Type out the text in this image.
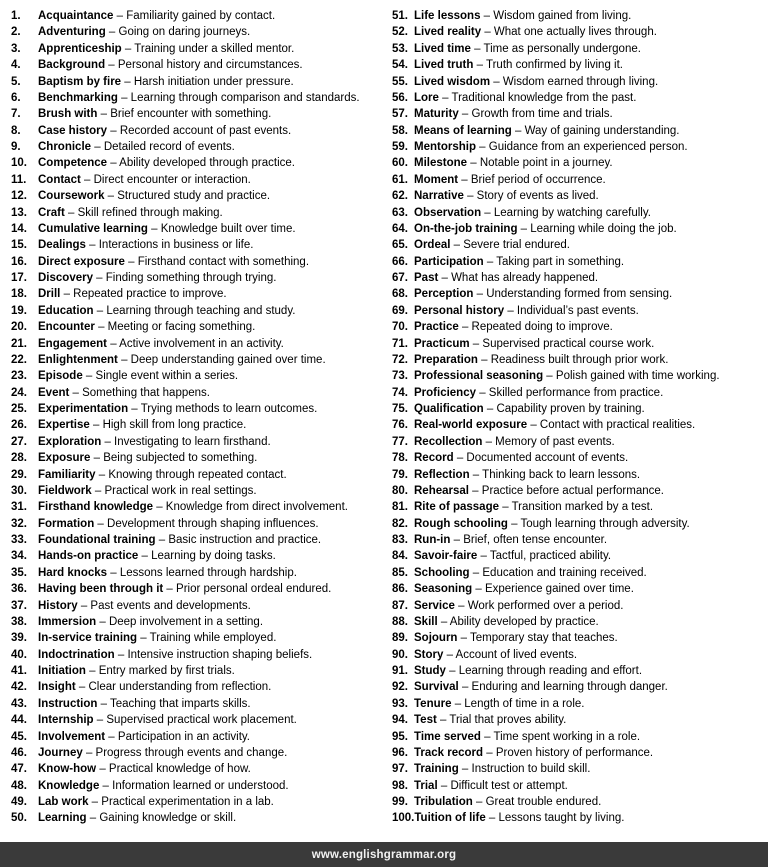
1.	Acquaintance – Familiarity gained by contact.
2.	Adventuring – Going on daring journeys.
3.	Apprenticeship – Training under a skilled mentor.
4.	Background – Personal history and circumstances.
5.	Baptism by fire – Harsh initiation under pressure.
6.	Benchmarking – Learning through comparison and standards.
7.	Brush with – Brief encounter with something.
8.	Case history – Recorded account of past events.
9.	Chronicle – Detailed record of events.
10. Competence – Ability developed through practice.
11.	Contact – Direct encounter or interaction.
12. Coursework – Structured study and practice.
13. Craft – Skill refined through making.
14. Cumulative learning – Knowledge built over time.
15. Dealings – Interactions in business or life.
16. Direct exposure – Firsthand contact with something.
17. Discovery – Finding something through trying.
18. Drill – Repeated practice to improve.
19. Education – Learning through teaching and study.
20. Encounter – Meeting or facing something.
21. Engagement – Active involvement in an activity.
22. Enlightenment – Deep understanding gained over time.
23. Episode – Single event within a series.
24. Event – Something that happens.
25. Experimentation – Trying methods to learn outcomes.
26. Expertise – High skill from long practice.
27. Exploration – Investigating to learn firsthand.
28. Exposure – Being subjected to something.
29. Familiarity – Knowing through repeated contact.
30. Fieldwork – Practical work in real settings.
31. Firsthand knowledge – Knowledge from direct involvement.
32. Formation – Development through shaping influences.
33. Foundational training – Basic instruction and practice.
34. Hands-on practice – Learning by doing tasks.
35. Hard knocks – Lessons learned through hardship.
36. Having been through it – Prior personal ordeal endured.
37. History – Past events and developments.
38. Immersion – Deep involvement in a setting.
39. In-service training – Training while employed.
40. Indoctrination – Intensive instruction shaping beliefs.
41. Initiation – Entry marked by first trials.
42. Insight – Clear understanding from reflection.
43. Instruction – Teaching that imparts skills.
44. Internship – Supervised practical work placement.
45. Involvement – Participation in an activity.
46. Journey – Progress through events and change.
47. Know-how – Practical knowledge of how.
48. Knowledge – Information learned or understood.
49. Lab work – Practical experimentation in a lab.
50. Learning – Gaining knowledge or skill.
51. Life lessons – Wisdom gained from living.
52. Lived reality – What one actually lives through.
53. Lived time – Time as personally undergone.
54. Lived truth – Truth confirmed by living it.
55. Lived wisdom – Wisdom earned through living.
56. Lore – Traditional knowledge from the past.
57. Maturity – Growth from time and trials.
58. Means of learning – Way of gaining understanding.
59. Mentorship – Guidance from an experienced person.
60. Milestone – Notable point in a journey.
61. Moment – Brief period of occurrence.
62. Narrative – Story of events as lived.
63. Observation – Learning by watching carefully.
64. On-the-job training – Learning while doing the job.
65. Ordeal – Severe trial endured.
66. Participation – Taking part in something.
67. Past – What has already happened.
68. Perception – Understanding formed from sensing.
69. Personal history – Individual’s past events.
70. Practice – Repeated doing to improve.
71. Practicum – Supervised practical course work.
72. Preparation – Readiness built through prior work.
73. Professional seasoning – Polish gained with time working.
74. Proficiency – Skilled performance from practice.
75. Qualification – Capability proven by training.
76. Real-world exposure – Contact with practical realities.
77. Recollection – Memory of past events.
78. Record – Documented account of events.
79. Reflection – Thinking back to learn lessons.
80. Rehearsal – Practice before actual performance.
81. Rite of passage – Transition marked by a test.
82. Rough schooling – Tough learning through adversity.
83. Run-in – Brief, often tense encounter.
84. Savoir-faire – Tactful, practiced ability.
85. Schooling – Education and training received.
86. Seasoning – Experience gained over time.
87. Service – Work performed over a period.
88. Skill – Ability developed by practice.
89. Sojourn – Temporary stay that teaches.
90. Story – Account of lived events.
91. Study – Learning through reading and effort.
92. Survival – Enduring and learning through danger.
93. Tenure – Length of time in a role.
94. Test – Trial that proves ability.
95. Time served – Time spent working in a role.
96. Track record – Proven history of performance.
97. Training – Instruction to build skill.
98. Trial – Difficult test or attempt.
99. Tribulation – Great trouble endured.
100. Tuition of life – Lessons taught by living.
www.englishgrammar.org
